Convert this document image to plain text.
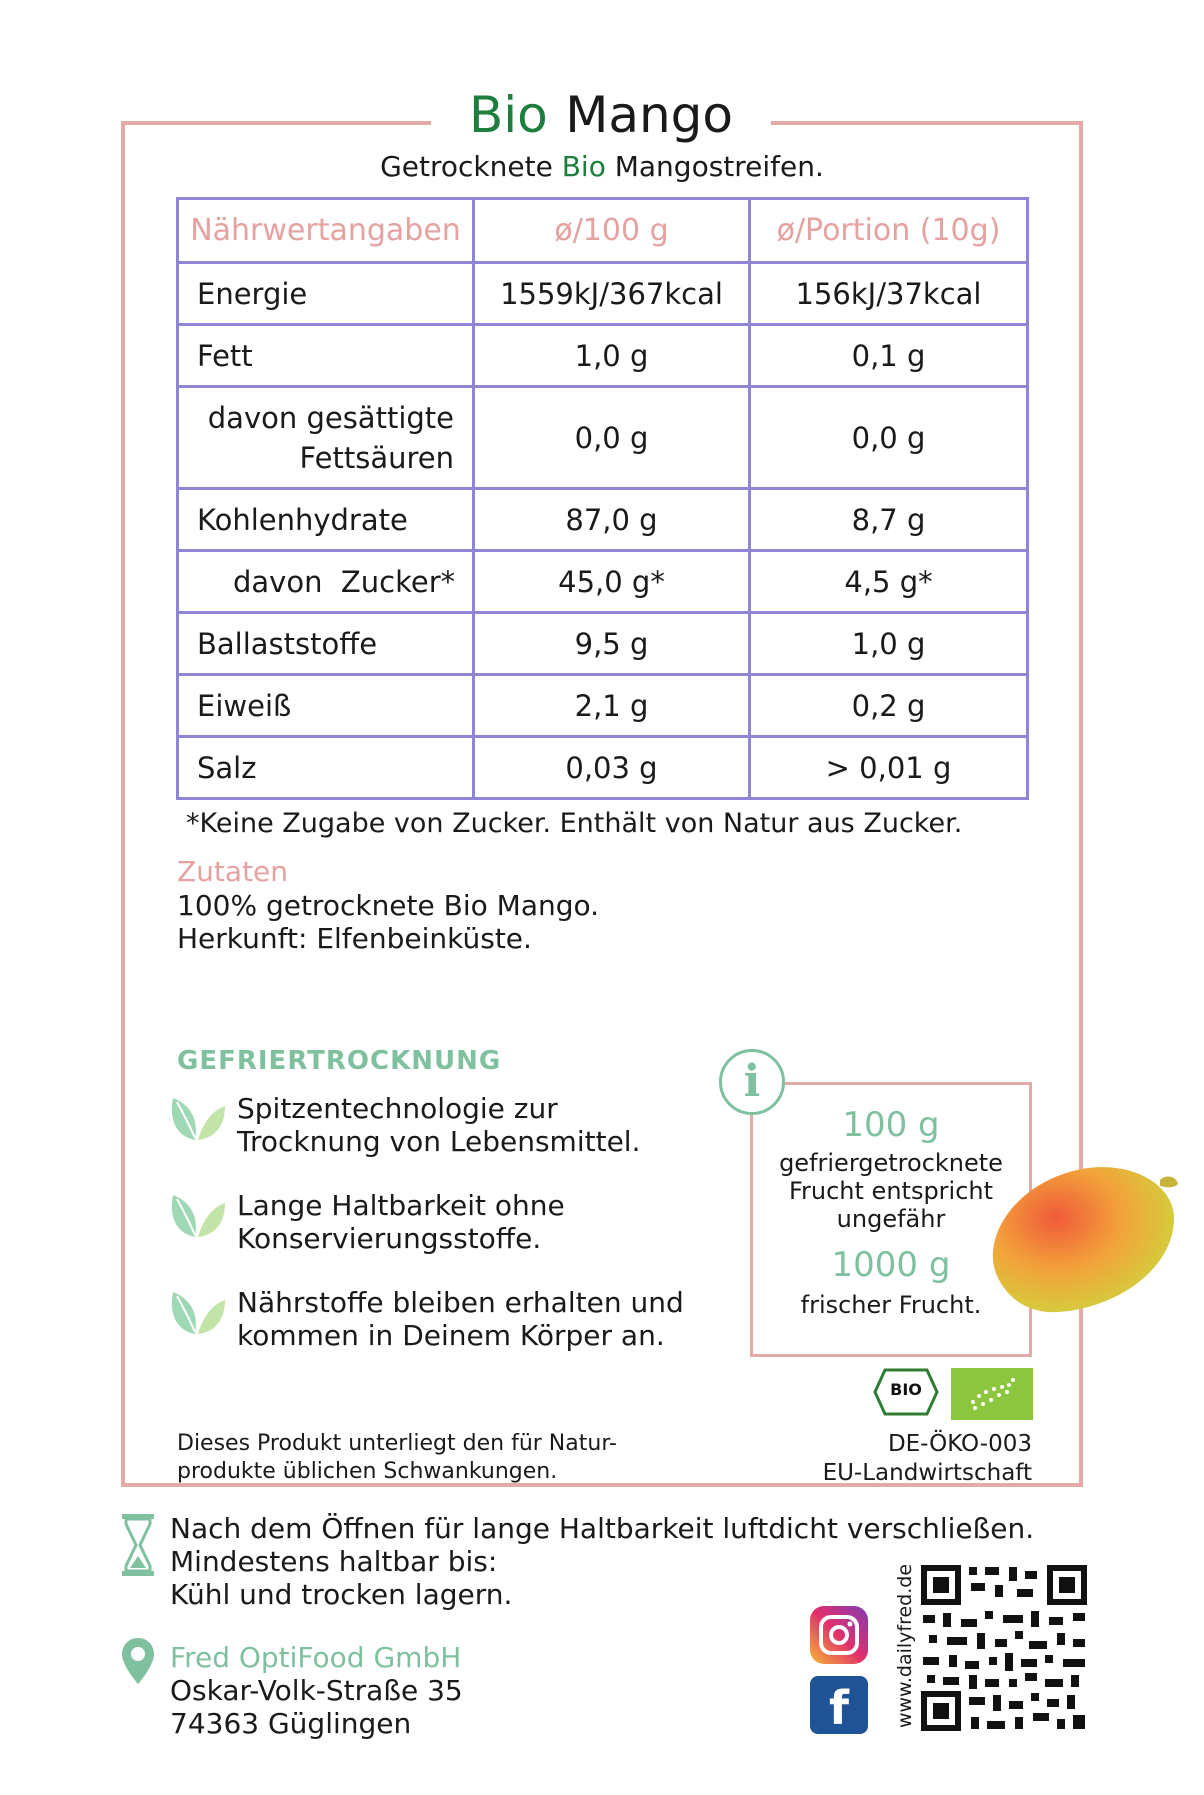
Bio Mango
Getrocknete Bio Mangostreifen.
Nährwertangaben	ø/100 g	ø/Portion (10g)
Energie	1559kJ/367kcal	156kJ/37kcal
Fett	1,0 g	0,1 g
davon gesättigte
Fettsäuren	0,0 g	0,0 g
Kohlenhydrate	87,0 g	8,7 g
davon  Zucker*	45,0 g*	4,5 g*
Ballaststoffe	9,5 g	1,0 g
Eiweiß	2,1 g	0,2 g
Salz	0,03 g	> 0,01 g
*Keine Zugabe von Zucker. Enthält von Natur aus Zucker.
Zutaten
100% getrocknete Bio Mango.
Herkunft: Elfenbeinküste.
GEFRIERTROCKNUNG
Spitzentechnologie zur
Trocknung von Lebensmittel.
Lange Haltbarkeit ohne
Konservierungsstoffe.
Nährstoffe bleiben erhalten und
kommen in Deinem Körper an.
100 g
gefriergetrocknete
Frucht entspricht
ungefähr
1000 g
frischer Frucht.
i
BIO
Dieses Produkt unterliegt den für Natur-
produkte üblichen Schwankungen.
DE-ÖKO-003
EU-Landwirtschaft
Nach dem Öffnen für lange Haltbarkeit luftdicht verschließen.
Mindestens haltbar bis:
Kühl und trocken lagern.
Fred OptiFood GmbH
Oskar-Volk-Straße 35
74363 Güglingen	f	www.dailyfred.de
